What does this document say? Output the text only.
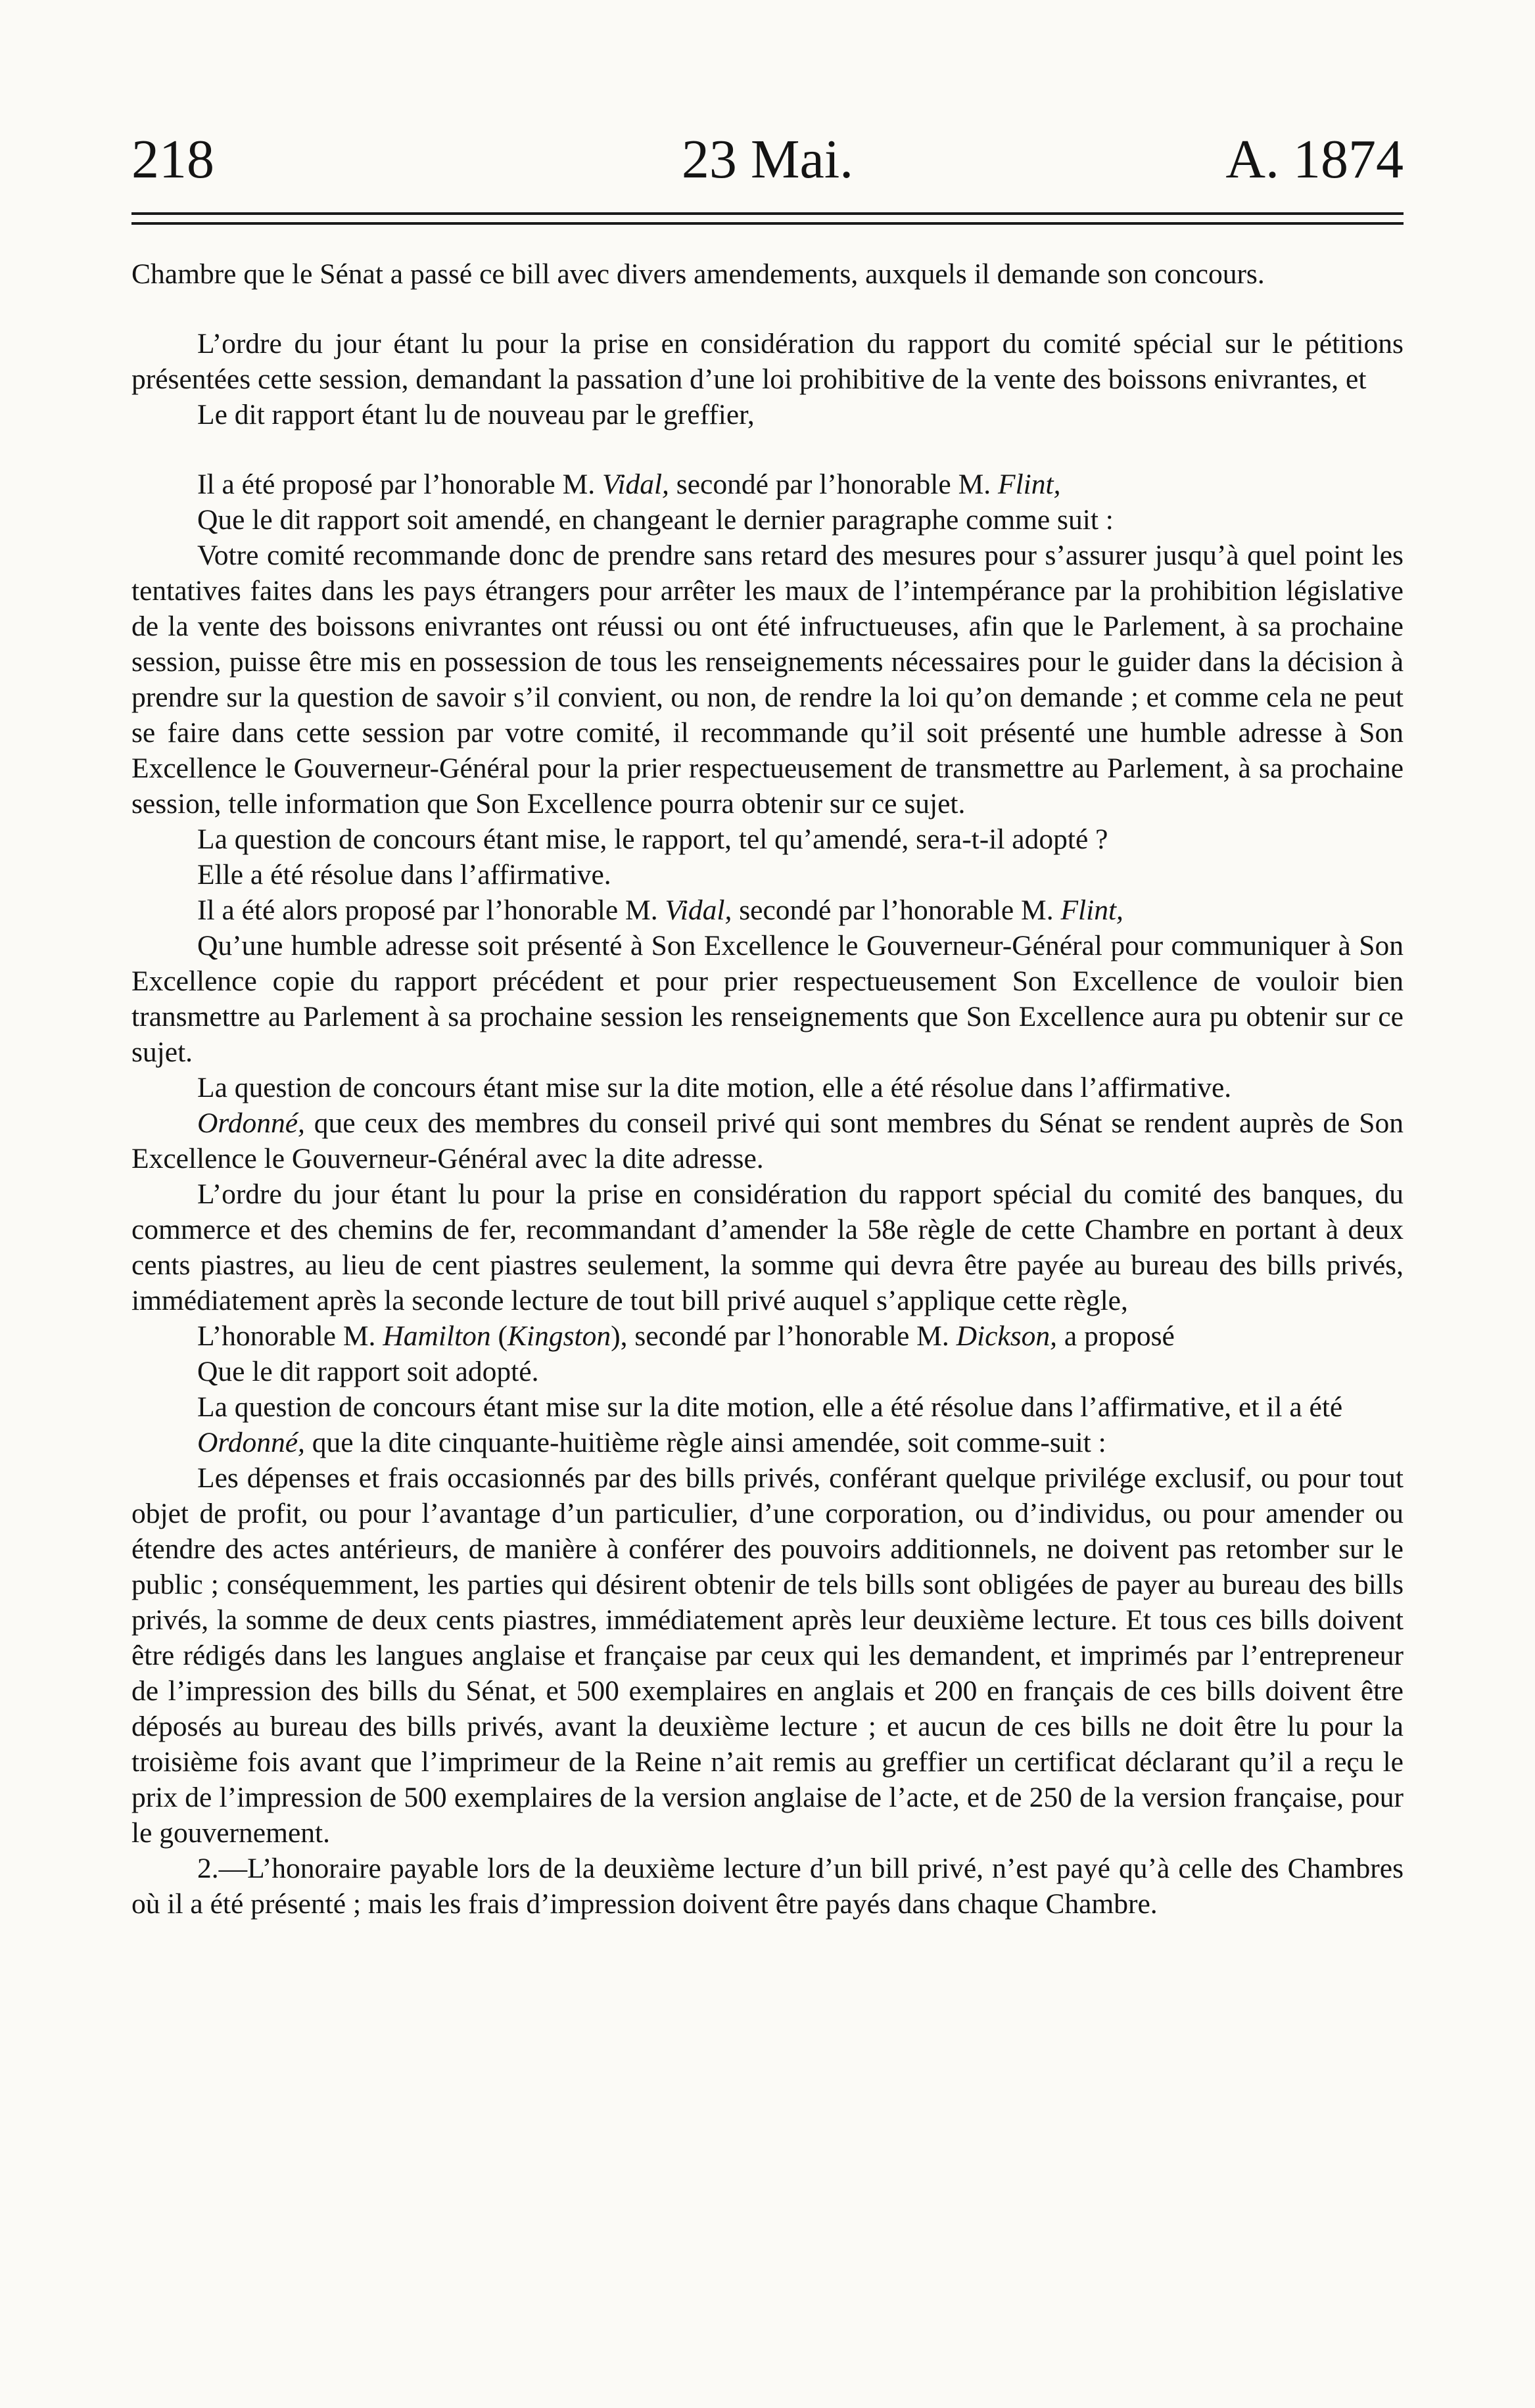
218	23 Mai.	A. 1874

Chambre que le Sénat a passé ce bill avec divers amendements, auxquels il demande son concours.

L’ordre du jour étant lu pour la prise en considération du rapport du comité spécial sur le pétitions présentées cette session, demandant la passation d’une loi prohibitive de la vente des boissons enivrantes, et

Le dit rapport étant lu de nouveau par le greffier,

Il a été proposé par l’honorable M. Vidal, secondé par l’honorable M. Flint,

Que le dit rapport soit amendé, en changeant le dernier paragraphe comme suit :

Votre comité recommande donc de prendre sans retard des mesures pour s’assurer jusqu’à quel point les tentatives faites dans les pays étrangers pour arrêter les maux de l’intempérance par la prohibition législative de la vente des boissons enivrantes ont réussi ou ont été infructueuses, afin que le Parlement, à sa prochaine session, puisse être mis en possession de tous les renseignements nécessaires pour le guider dans la décision à prendre sur la question de savoir s’il convient, ou non, de rendre la loi qu’on demande ; et comme cela ne peut se faire dans cette session par votre comité, il recommande qu’il soit présenté une humble adresse à Son Excellence le Gouverneur-Général pour la prier respectueusement de transmettre au Parlement, à sa prochaine session, telle information que Son Excellence pourra obtenir sur ce sujet.

La question de concours étant mise, le rapport, tel qu’amendé, sera-t-il adopté ?

Elle a été résolue dans l’affirmative.

Il a été alors proposé par l’honorable M. Vidal, secondé par l’honorable M. Flint,

Qu’une humble adresse soit présenté à Son Excellence le Gouverneur-Général pour communiquer à Son Excellence copie du rapport précédent et pour prier respectueusement Son Excellence de vouloir bien transmettre au Parlement à sa prochaine session les renseignements que Son Excellence aura pu obtenir sur ce sujet.

La question de concours étant mise sur la dite motion, elle a été résolue dans l’affirmative.

Ordonné, que ceux des membres du conseil privé qui sont membres du Sénat se rendent auprès de Son Excellence le Gouverneur-Général avec la dite adresse.

L’ordre du jour étant lu pour la prise en considération du rapport spécial du comité des banques, du commerce et des chemins de fer, recommandant d’amender la 58e règle de cette Chambre en portant à deux cents piastres, au lieu de cent piastres seulement, la somme qui devra être payée au bureau des bills privés, immédiatement après la seconde lecture de tout bill privé auquel s’applique cette règle,

L’honorable M. Hamilton (Kingston), secondé par l’honorable M. Dickson, a proposé

Que le dit rapport soit adopté.

La question de concours étant mise sur la dite motion, elle a été résolue dans l’affirmative, et il a été

Ordonné, que la dite cinquante-huitième règle ainsi amendée, soit comme-suit :

Les dépenses et frais occasionnés par des bills privés, conférant quelque privilége exclusif, ou pour tout objet de profit, ou pour l’avantage d’un particulier, d’une corporation, ou d’individus, ou pour amender ou étendre des actes antérieurs, de manière à conférer des pouvoirs additionnels, ne doivent pas retomber sur le public ; conséquemment, les parties qui désirent obtenir de tels bills sont obligées de payer au bureau des bills privés, la somme de deux cents piastres, immédiatement après leur deuxième lecture. Et tous ces bills doivent être rédigés dans les langues anglaise et française par ceux qui les demandent, et imprimés par l’entrepreneur de l’impression des bills du Sénat, et 500 exemplaires en anglais et 200 en français de ces bills doivent être déposés au bureau des bills privés, avant la deuxième lecture ; et aucun de ces bills ne doit être lu pour la troisième fois avant que l’imprimeur de la Reine n’ait remis au greffier un certificat déclarant qu’il a reçu le prix de l’impression de 500 exemplaires de la version anglaise de l’acte, et de 250 de la version française, pour le gouvernement.

2.—L’honoraire payable lors de la deuxième lecture d’un bill privé, n’est payé qu’à celle des Chambres où il a été présenté ; mais les frais d’impression doivent être payés dans chaque Chambre.
